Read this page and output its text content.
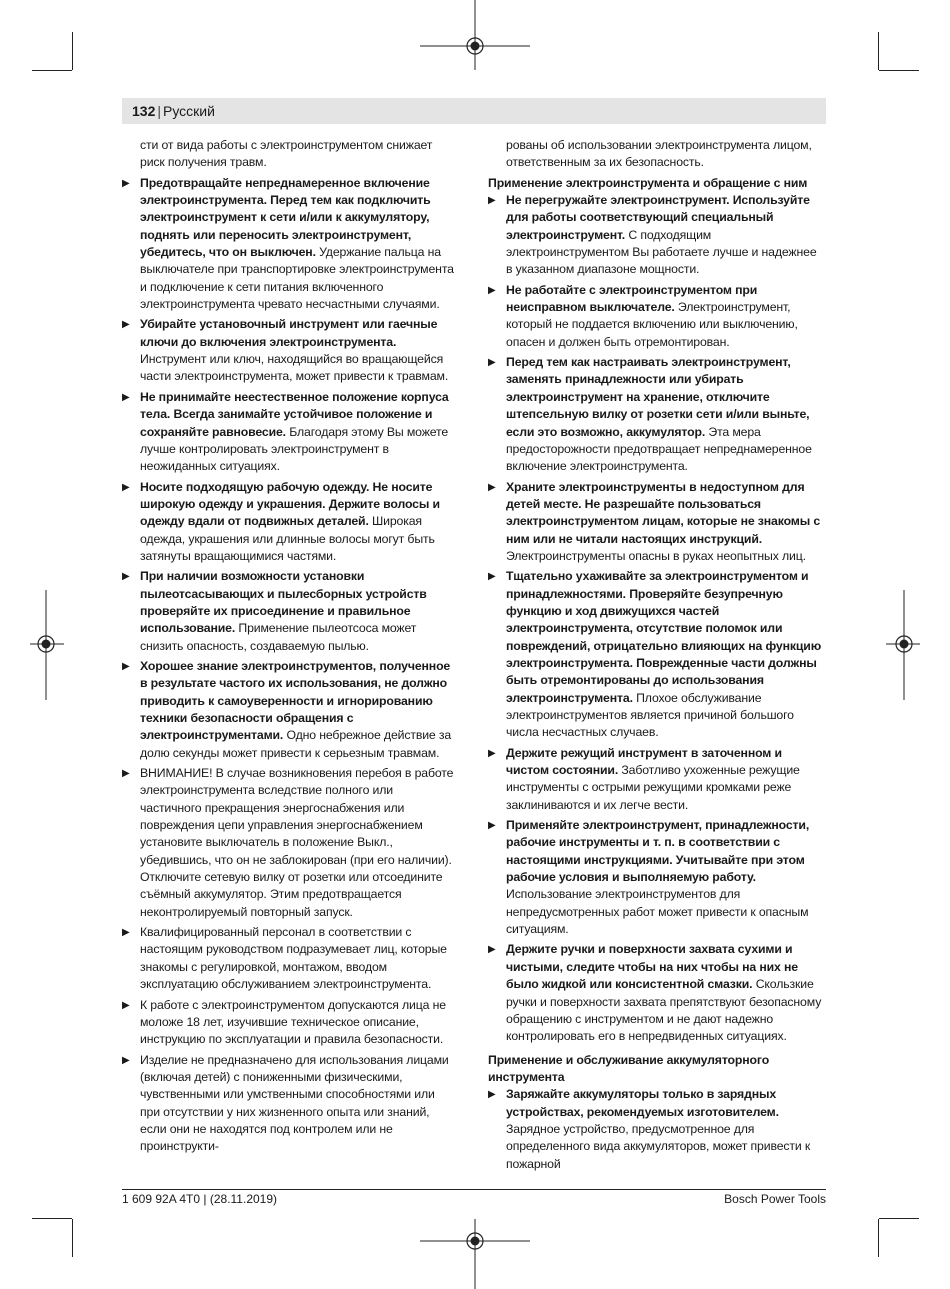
132 | Русский

сти от вида работы с электроинструментом снижает риск получения травм.

▶ Предотвращайте непреднамеренное включение электроинструмента. Перед тем как подключить электроинструмент к сети и/или к аккумулятору, поднять или переносить электроинструмент, убедитесь, что он выключен. Удержание пальца на выключателе при транспортировке электроинструмента и подключение к сети питания включенного электроинструмента чревато несчастными случаями.
▶ Убирайте установочный инструмент или гаечные ключи до включения электроинструмента. Инструмент или ключ, находящийся во вращающейся части электроинструмента, может привести к травмам.
▶ Не принимайте неестественное положение корпуса тела. Всегда занимайте устойчивое положение и сохраняйте равновесие. Благодаря этому Вы можете лучше контролировать электроинструмент в неожиданных ситуациях.
▶ Носите подходящую рабочую одежду. Не носите широкую одежду и украшения. Держите волосы и одежду вдали от подвижных деталей. Широкая одежда, украшения или длинные волосы могут быть затянуты вращающимися частями.
▶ При наличии возможности установки пылеотсасывающих и пылесборных устройств проверяйте их присоединение и правильное использование. Применение пылеотсоса может снизить опасность, создаваемую пылью.
▶ Хорошее знание электроинструментов, полученное в результате частого их использования, не должно приводить к самоуверенности и игнорированию техники безопасности обращения с электроинструментами. Одно небрежное действие за долю секунды может привести к серьезным травмам.
▶ ВНИМАНИЕ! В случае возникновения перебоя в работе электроинструмента вследствие полного или частичного прекращения энергоснабжения или повреждения цепи управления энергоснабжением установите выключатель в положение Выкл., убедившись, что он не заблокирован (при его наличии). Отключите сетевую вилку от розетки или отсоедините съёмный аккумулятор. Этим предотвращается неконтролируемый повторный запуск.
▶ Квалифицированный персонал в соответствии с настоящим руководством подразумевает лиц, которые знакомы с регулировкой, монтажом, вводом эксплуатацию обслуживанием электроинструмента.
▶ К работе с электроинструментом допускаются лица не моложе 18 лет, изучившие техническое описание, инструкцию по эксплуатации и правила безопасности.
▶ Изделие не предназначено для использования лицами (включая детей) с пониженными физическими, чувственными или умственными способностями или при отсутствии у них жизненного опыта или знаний, если они не находятся под контролем или не проинструкти-

рованы об использовании электроинструмента лицом, ответственным за их безопасность.

Применение электроинструмента и обращение с ним

▶ Не перегружайте электроинструмент. Используйте для работы соответствующий специальный электроинструмент. С подходящим электроинструментом Вы работаете лучше и надежнее в указанном диапазоне мощности.
▶ Не работайте с электроинструментом при неисправном выключателе. Электроинструмент, который не поддается включению или выключению, опасен и должен быть отремонтирован.
▶ Перед тем как настраивать электроинструмент, заменять принадлежности или убирать электроинструмент на хранение, отключите штепсельную вилку от розетки сети и/или выньте, если это возможно, аккумулятор. Эта мера предосторожности предотвращает непреднамеренное включение электроинструмента.
▶ Храните электроинструменты в недоступном для детей месте. Не разрешайте пользоваться электроинструментом лицам, которые не знакомы с ним или не читали настоящих инструкций. Электроинструменты опасны в руках неопытных лиц.
▶ Тщательно ухаживайте за электроинструментом и принадлежностями. Проверяйте безупречную функцию и ход движущихся частей электроинструмента, отсутствие поломок или повреждений, отрицательно влияющих на функцию электроинструмента. Поврежденные части должны быть отремонтированы до использования электроинструмента. Плохое обслуживание электроинструментов является причиной большого числа несчастных случаев.
▶ Держите режущий инструмент в заточенном и чистом состоянии. Заботливо ухоженные режущие инструменты с острыми режущими кромками реже заклиниваются и их легче вести.
▶ Применяйте электроинструмент, принадлежности, рабочие инструменты и т. п. в соответствии с настоящими инструкциями. Учитывайте при этом рабочие условия и выполняемую работу. Использование электроинструментов для непредусмотренных работ может привести к опасным ситуациям.
▶ Держите ручки и поверхности захвата сухими и чистыми, следите чтобы на них чтобы на них не было жидкой или консистентной смазки. Скользкие ручки и поверхности захвата препятствуют безопасному обращению с инструментом и не дают надежно контролировать его в непредвиденных ситуациях.

Применение и обслуживание аккумуляторного инструмента

▶ Заряжайте аккумуляторы только в зарядных устройствах, рекомендуемых изготовителем. Зарядное устройство, предусмотренное для определенного вида аккумуляторов, может привести к пожарной
1 609 92A 4T0 | (28.11.2019)	Bosch Power Tools
